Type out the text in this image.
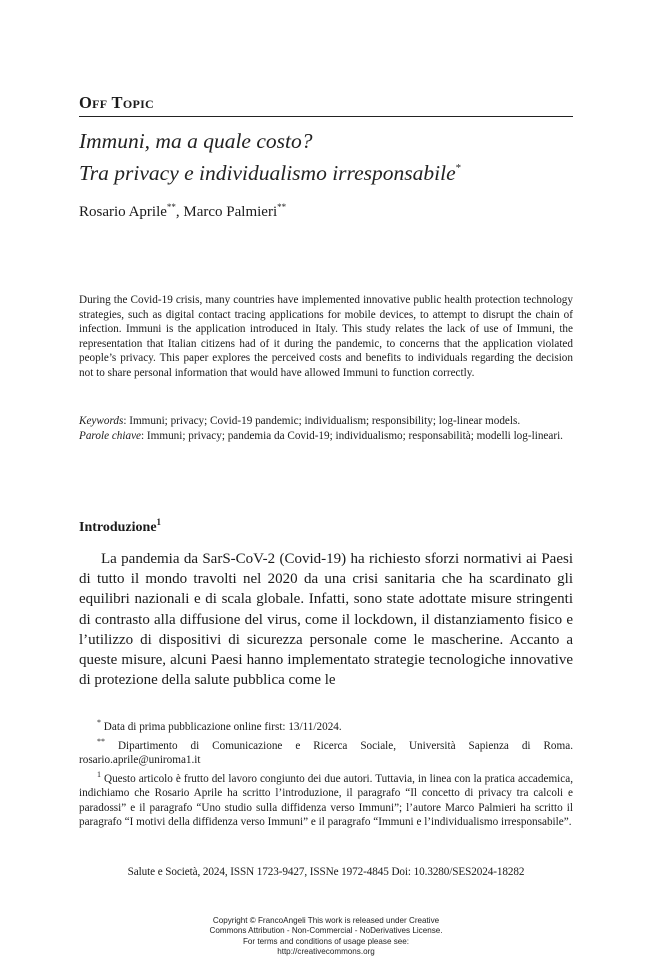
Off Topic
Immuni, ma a quale costo?
Tra privacy e individualismo irresponsabile*
Rosario Aprile**, Marco Palmieri**
During the Covid-19 crisis, many countries have implemented innovative public health protection technology strategies, such as digital contact tracing applications for mobile devices, to attempt to disrupt the chain of infection. Immuni is the application introduced in Italy. This study relates the lack of use of Immuni, the representation that Italian citizens had of it during the pandemic, to concerns that the application violated people’s privacy. This paper explores the perceived costs and benefits to individuals regarding the decision not to share personal information that would have allowed Immuni to function correctly.

Keywords: Immuni; privacy; Covid-19 pandemic; individualism; responsibility; log-linear models.

Parole chiave: Immuni; privacy; pandemia da Covid-19; individualismo; responsabilità; modelli log-lineari.

Introduzione$^1$
La pandemia da SarS-CoV-2 (Covid-19) ha richiesto sforzi normativi ai Paesi di tutto il mondo travolti nel 2020 da una crisi sanitaria che ha scardinato gli equilibri nazionali e di scala globale. Infatti, sono state adottate misure stringenti di contrasto alla diffusione del virus, come il lockdown, il distanziamento fisico e l’utilizzo di dispositivi di sicurezza personale come le mascherine. Accanto a queste misure, alcuni Paesi hanno implementato strategie tecnologiche innovative di protezione della salute pubblica come le

* Data di prima pubblicazione online first: 13/11/2024.

** Dipartimento di Comunicazione e Ricerca Sociale, Università Sapienza di Roma. rosario.aprile@uniroma1.it

$^1$ Questo articolo è frutto del lavoro congiunto dei due autori. Tuttavia, in linea con la pratica accademica, indichiamo che Rosario Aprile ha scritto l’introduzione, il paragrafo “Il concetto di privacy tra calcoli e paradossi” e il paragrafo “Uno studio sulla diffidenza verso Immuni”; l’autore Marco Palmieri ha scritto il paragrafo “I motivi della diffidenza verso Immuni” e il paragrafo “Immuni e l’individualismo irresponsabile”.

Salute e Società, 2024, ISSN 1723-9427, ISSNe 1972-4845 Doi: 10.3280/SES2024-18282
Copyright © FrancoAngeli This work is released under Creative
Commons Attribution - Non-Commercial - NoDerivatives License.
For terms and conditions of usage please see:
http://creativecommons.org
